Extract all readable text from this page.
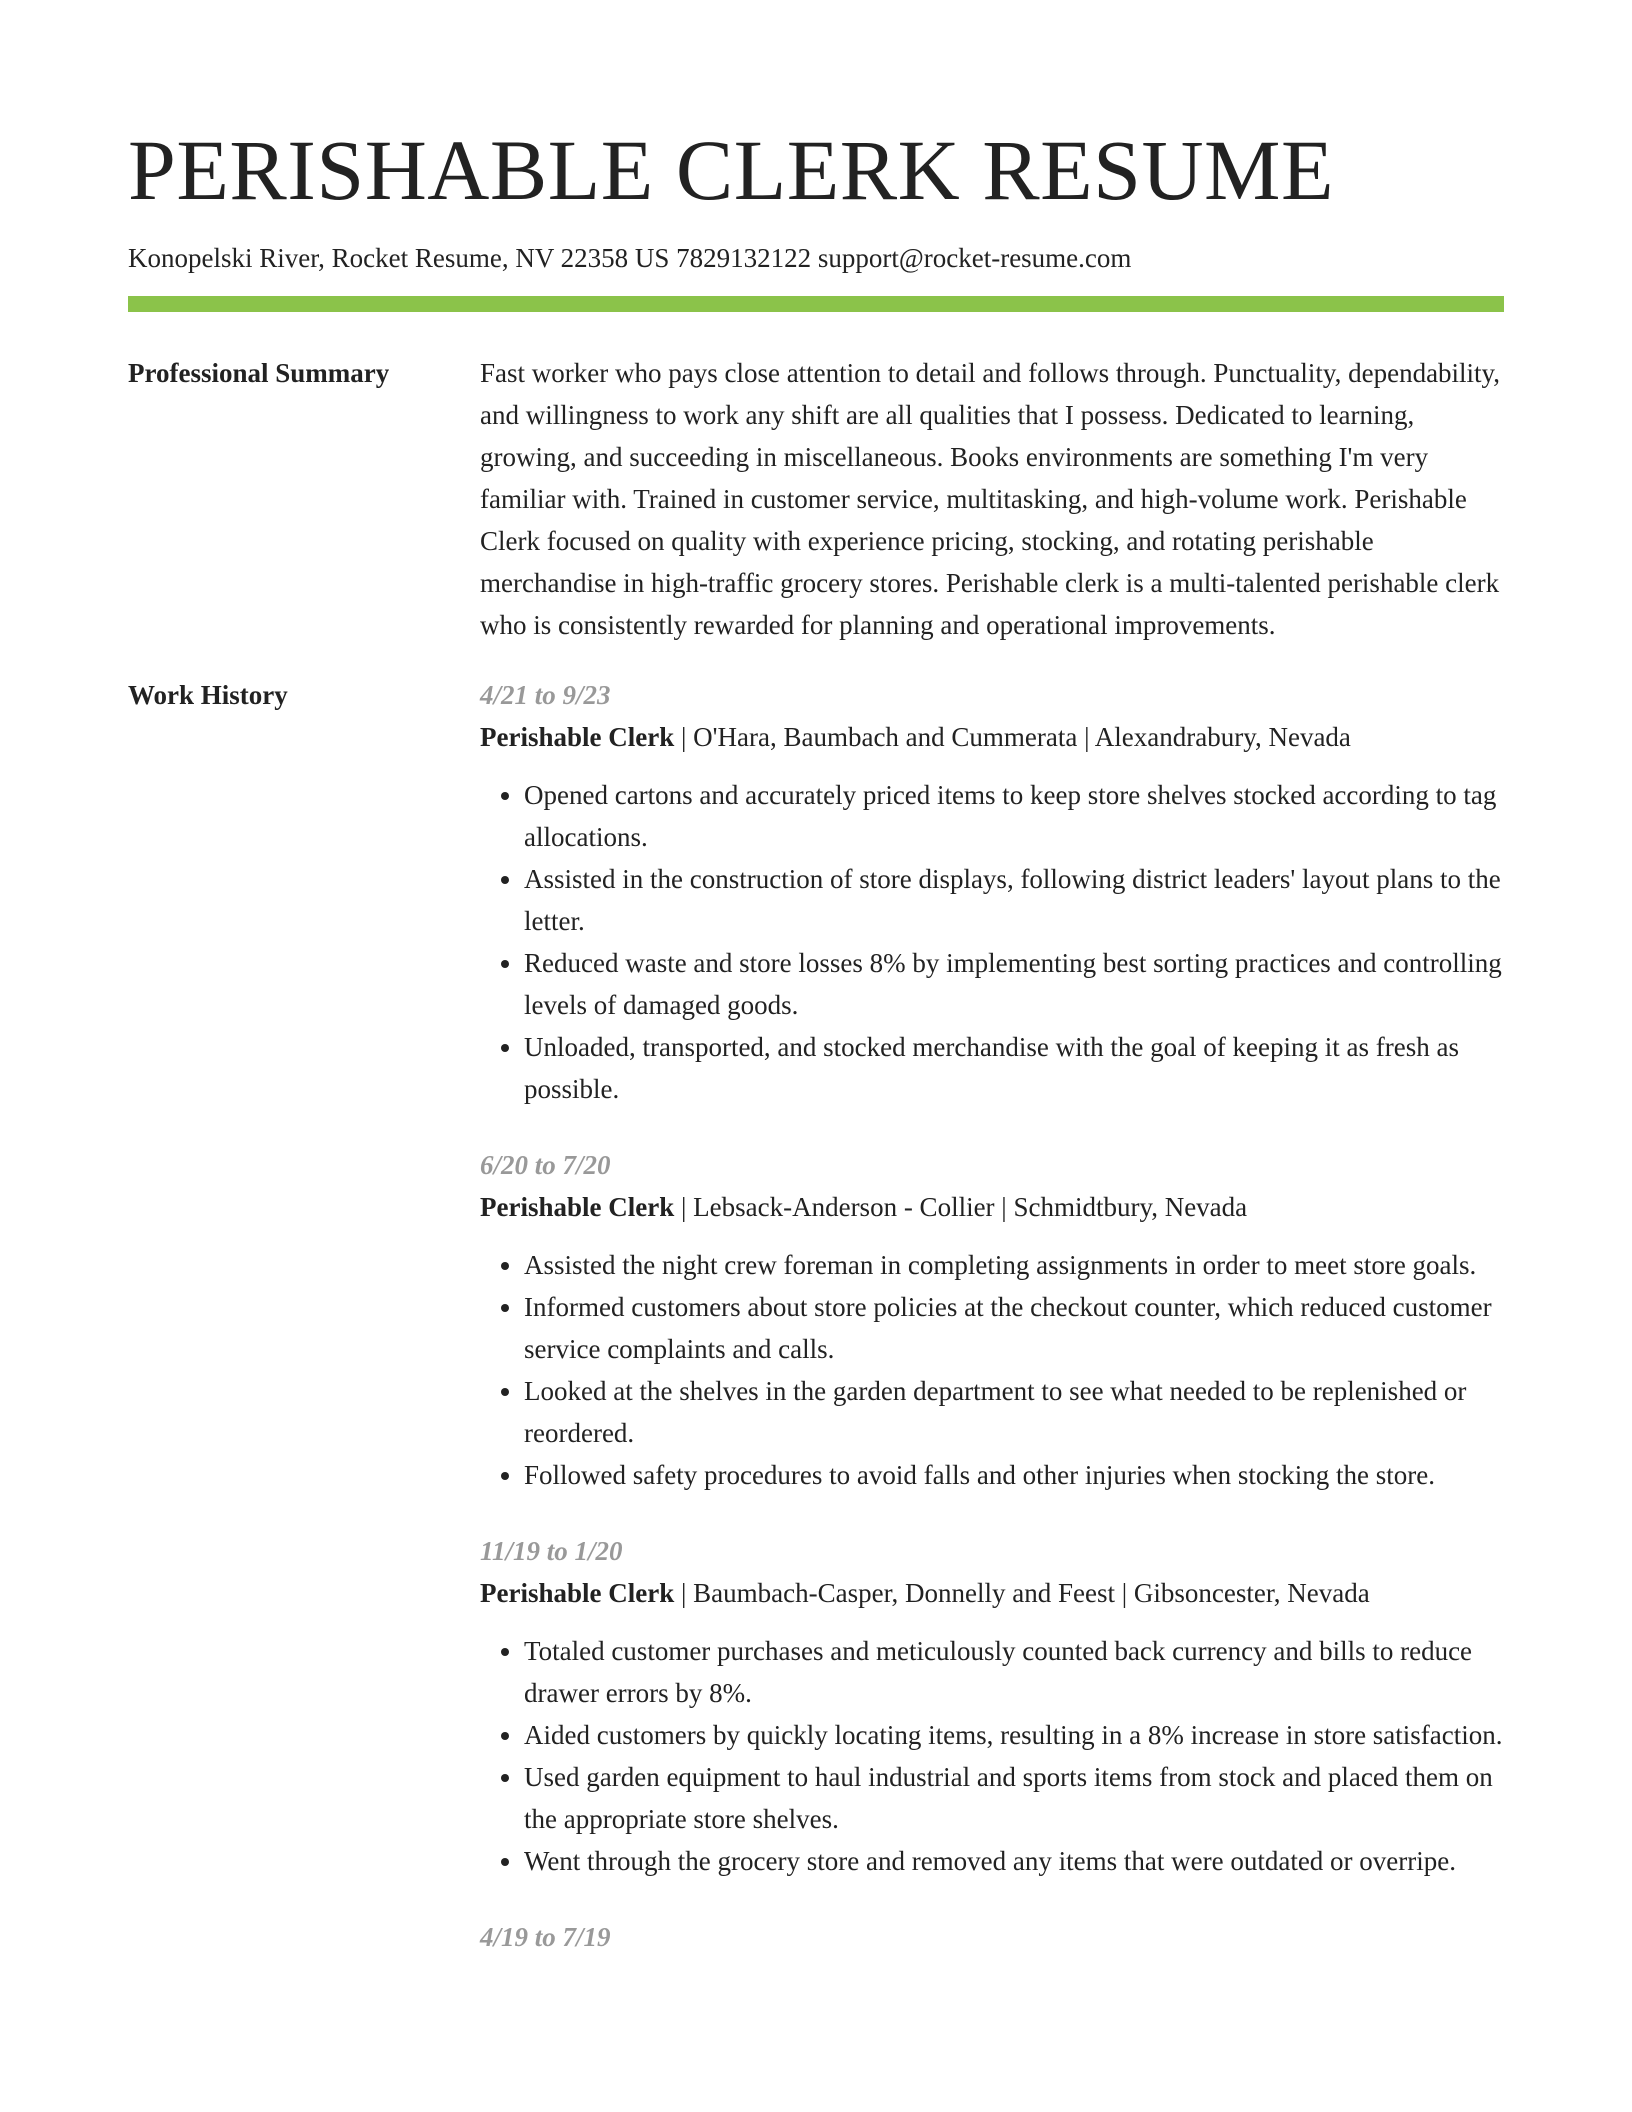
PERISHABLE CLERK RESUME
Konopelski River, Rocket Resume, NV 22358 US 7829132122 support@rocket-resume.com
Professional Summary	Fast worker who pays close attention to detail and follows through. Punctuality, dependability, and willingness to work any shift are all qualities that I possess. Dedicated to learning, growing, and succeeding in miscellaneous. Books environments are something I'm very familiar with. Trained in customer service, multitasking, and high-volume work. Perishable Clerk focused on quality with experience pricing, stocking, and rotating perishable merchandise in high-traffic grocery stores. Perishable clerk is a multi-talented perishable clerk who is consistently rewarded for planning and operational improvements.

Work History	4/21 to 9/23
Perishable Clerk | O'Hara, Baumbach and Cummerata | Alexandrabury, Nevada
• Opened cartons and accurately priced items to keep store shelves stocked according to tag allocations.
• Assisted in the construction of store displays, following district leaders' layout plans to the letter.
• Reduced waste and store losses 8% by implementing best sorting practices and controlling levels of damaged goods.
• Unloaded, transported, and stocked merchandise with the goal of keeping it as fresh as possible.
6/20 to 7/20
Perishable Clerk | Lebsack-Anderson - Collier | Schmidtbury, Nevada
• Assisted the night crew foreman in completing assignments in order to meet store goals.
• Informed customers about store policies at the checkout counter, which reduced customer service complaints and calls.
• Looked at the shelves in the garden department to see what needed to be replenished or reordered.
• Followed safety procedures to avoid falls and other injuries when stocking the store.
11/19 to 1/20
Perishable Clerk | Baumbach-Casper, Donnelly and Feest | Gibsoncester, Nevada
• Totaled customer purchases and meticulously counted back currency and bills to reduce drawer errors by 8%.
• Aided customers by quickly locating items, resulting in a 8% increase in store satisfaction.
• Used garden equipment to haul industrial and sports items from stock and placed them on the appropriate store shelves.
• Went through the grocery store and removed any items that were outdated or overripe.
4/19 to 7/19
